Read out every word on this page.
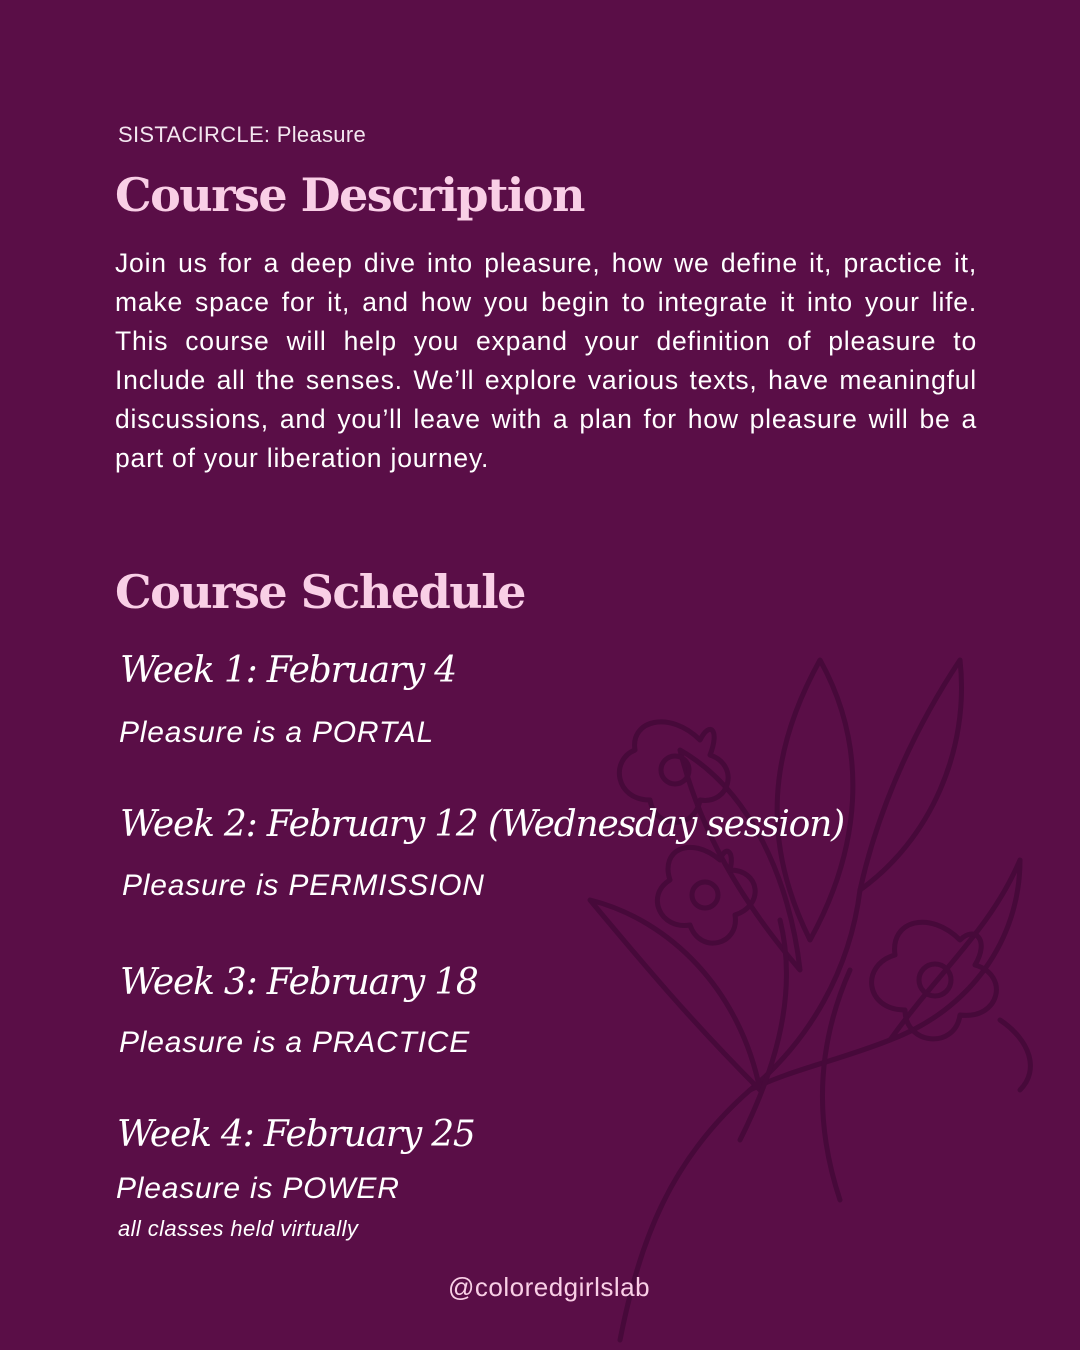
SISTACIRCLE: Pleasure
Course Description

Join us for a deep dive into pleasure, how we define it, practice it, make space for it, and how you begin to integrate it into your life. This course will help you expand your definition of pleasure to Include all the senses. We’ll explore various texts, have meaningful discussions, and you’ll leave with a plan for how pleasure will be a part of your liberation journey.

Course Schedule
Week 1: February 4
Pleasure is a PORTAL
Week 2: February 12 (Wednesday session)
Pleasure is PERMISSION
Week 3: February 18
Pleasure is a PRACTICE
Week 4: February 25
Pleasure is POWER
all classes held virtually
@coloredgirlslab
